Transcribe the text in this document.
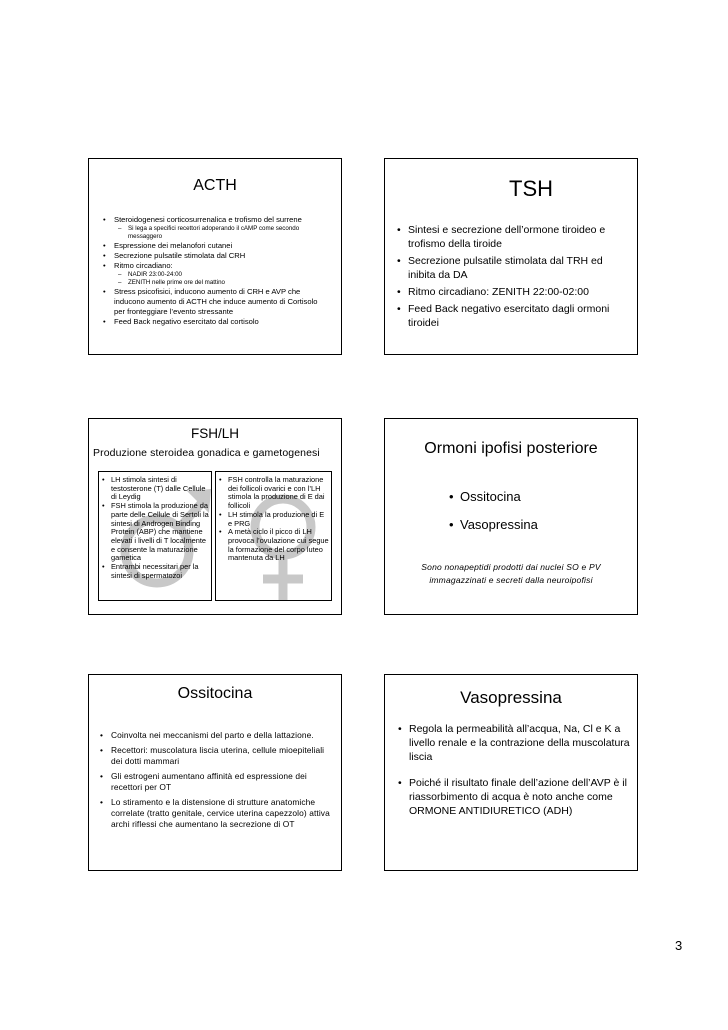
ACTH
• Steroidogenesi corticosurrenalica e trofismo del surrene
– Si lega a specifici recettori adoperando il cAMP come secondo messaggero
• Espressione dei melanofori cutanei
• Secrezione pulsatile stimolata dal CRH
• Ritmo circadiano:
– NADIR 23:00-24:00
– ZENITH nelle prime ore del mattino
• Stress psicofisici, inducono aumento di CRH e AVP che inducono aumento di ACTH che induce aumento di Cortisolo per fronteggiare l’evento stressante
• Feed Back negativo esercitato dal cortisolo
TSH
• Sintesi e secrezione dell’ormone tiroideo e trofismo della tiroide
• Secrezione pulsatile stimolata dal TRH ed inibita da DA
• Ritmo circadiano: ZENITH 22:00-02:00
• Feed Back negativo esercitato dagli ormoni tiroidei
FSH/LH
Produzione steroidea gonadica e gametogenesi
• LH stimola sintesi di testosterone (T) dalle Cellule di Leydig
• FSH stimola la produzione da parte delle Cellule di Sertoli la sintesi di Androgen Binding Protein (ABP) che mantiene elevati i livelli di T localmente e consente la maturazione gametica
• Entrambi necessitari per la sintesi di spermatozoi
• FSH controlla la maturazione dei follicoli ovarici e con l’LH stimola la produzione di E dai follicoli
• LH stimola la produzione di E e PRG
• A metà ciclo il picco di LH provoca l’ovulazione cui segue la formazione del corpo luteo mantenuta da LH
Ormoni ipofisi posteriore
• Ossitocina
• Vasopressina
Sono nonapeptidi prodotti dai nuclei SO e PV
immagazzinati e secreti dalla neuroipofisi
Ossitocina
• Coinvolta nei meccanismi del parto e della lattazione.
• Recettori: muscolatura liscia uterina, cellule mioepiteliali dei dotti mammari
• Gli estrogeni aumentano affinità ed espressione dei recettori per OT
• Lo stiramento e la distensione di strutture anatomiche correlate (tratto genitale, cervice uterina capezzolo) attiva archi riflessi che aumentano la secrezione di OT
Vasopressina
• Regola la permeabilità all’acqua, Na, Cl e K a livello renale e la contrazione della muscolatura liscia
• Poiché il risultato finale dell’azione dell’AVP è il riassorbimento di acqua è noto anche come ORMONE ANTIDIURETICO (ADH)
3
